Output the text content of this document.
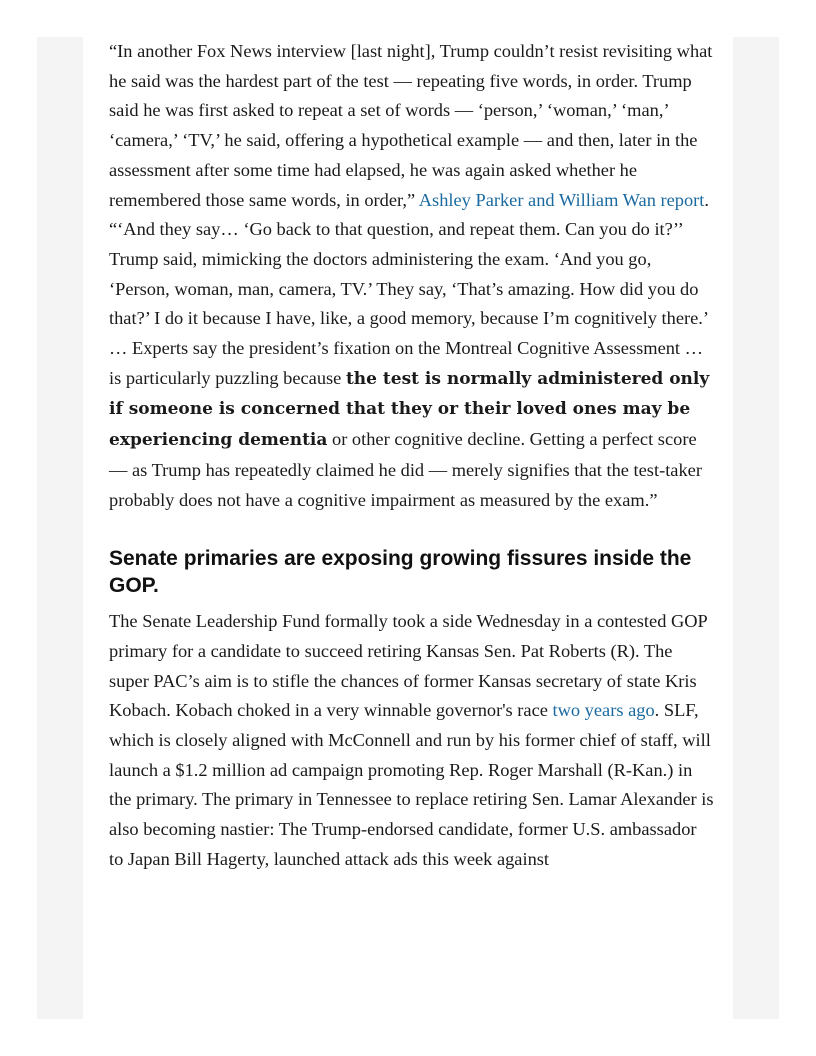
“In another Fox News interview [last night], Trump couldn’t resist revisiting what he said was the hardest part of the test — repeating five words, in order. Trump said he was first asked to repeat a set of words — ‘person,’ ‘woman,’ ‘man,’ ‘camera,’ ‘TV,’ he said, offering a hypothetical example — and then, later in the assessment after some time had elapsed, he was again asked whether he remembered those same words, in order,” Ashley Parker and William Wan report. “‘And they say… ‘Go back to that question, and repeat them. Can you do it?’’ Trump said, mimicking the doctors administering the exam. ‘And you go, ‘Person, woman, man, camera, TV.’ They say, ‘That’s amazing. How did you do that?’ I do it because I have, like, a good memory, because I’m cognitively there.’ … Experts say the president’s fixation on the Montreal Cognitive Assessment … is particularly puzzling because the test is normally administered only if someone is concerned that they or their loved ones may be experiencing dementia or other cognitive decline. Getting a perfect score — as Trump has repeatedly claimed he did — merely signifies that the test-taker probably does not have a cognitive impairment as measured by the exam.”

Senate primaries are exposing growing fissures inside the GOP.

The Senate Leadership Fund formally took a side Wednesday in a contested GOP primary for a candidate to succeed retiring Kansas Sen. Pat Roberts (R). The super PAC’s aim is to stifle the chances of former Kansas secretary of state Kris Kobach. Kobach choked in a very winnable governor's race two years ago. SLF, which is closely aligned with McConnell and run by his former chief of staff, will launch a $1.2 million ad campaign promoting Rep. Roger Marshall (R-Kan.) in the primary. The primary in Tennessee to replace retiring Sen. Lamar Alexander is also becoming nastier: The Trump-endorsed candidate, former U.S. ambassador to Japan Bill Hagerty, launched attack ads this week against
